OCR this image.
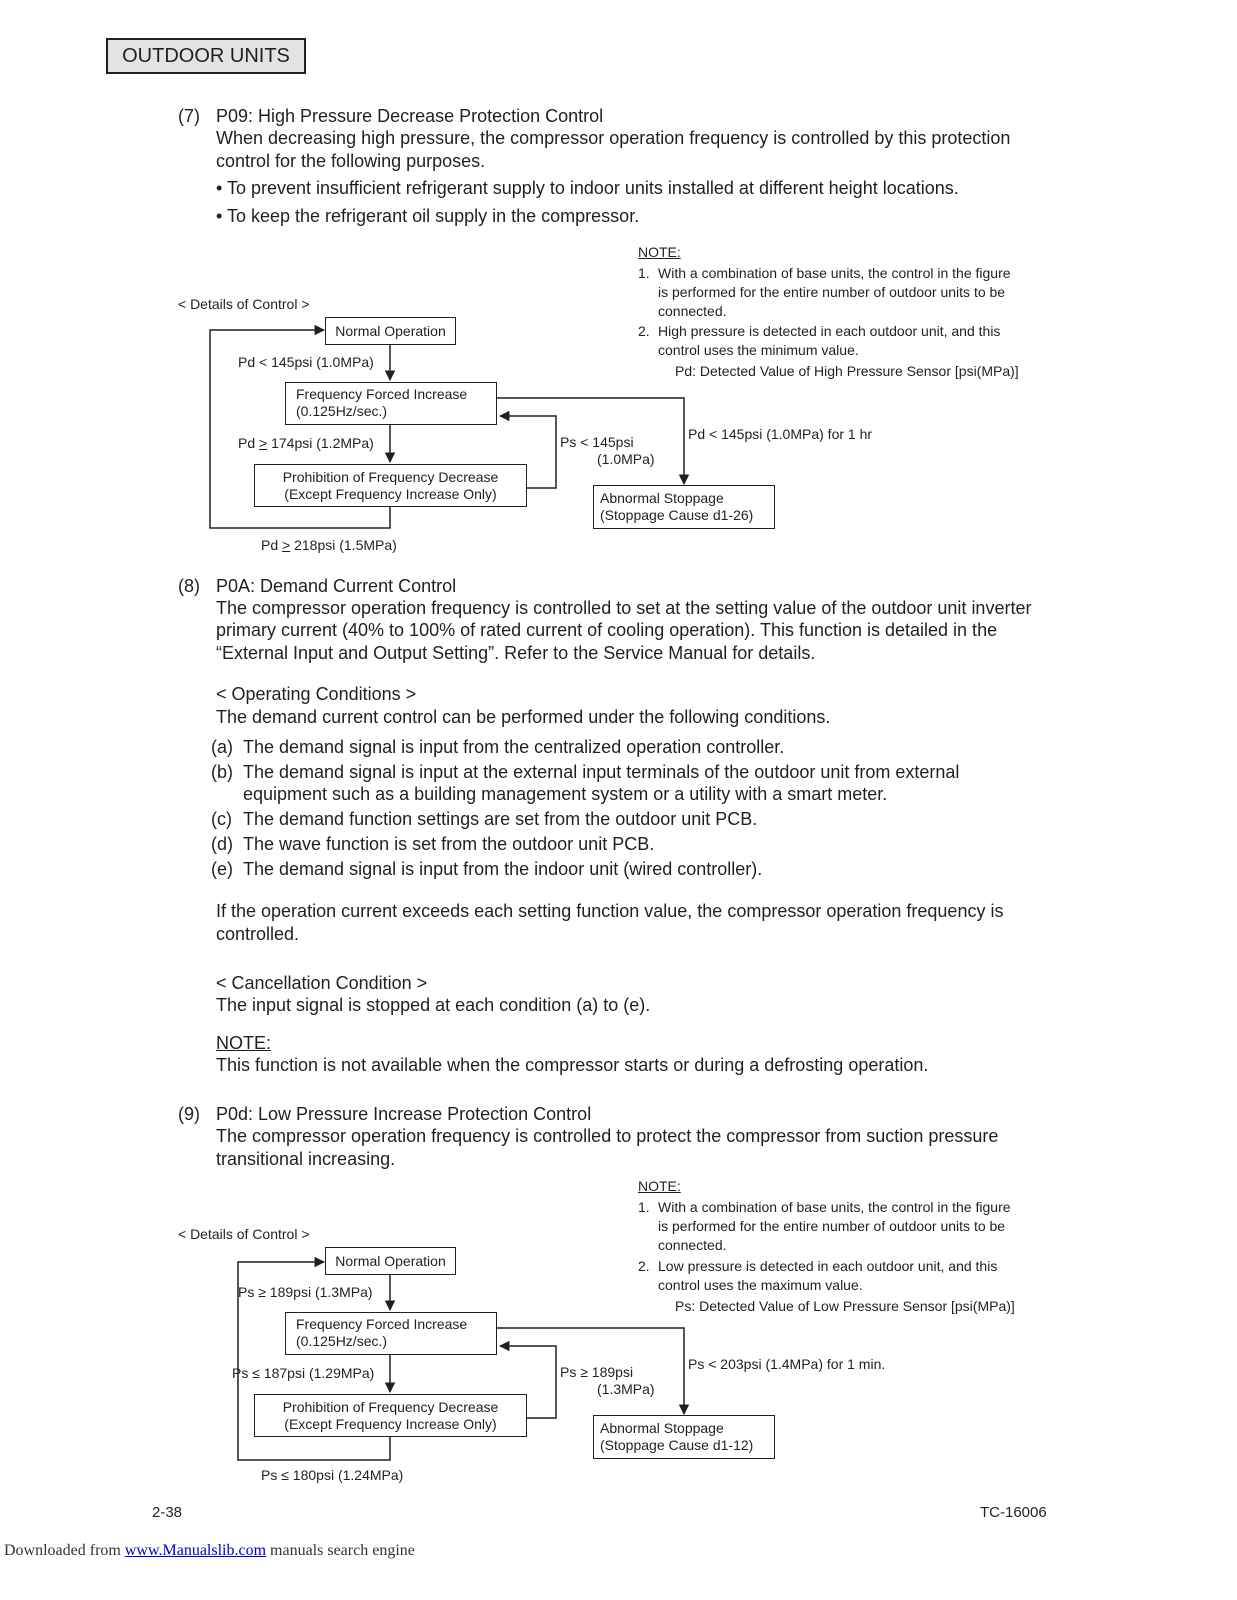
OUTDOOR UNITS
(7) P09: High Pressure Decrease Protection Control
When decreasing high pressure, the compressor operation frequency is controlled by this protection
control for the following purposes.
• To prevent insufficient refrigerant supply to indoor units installed at different height locations.
• To keep the refrigerant oil supply in the compressor.
NOTE:
1. With a combination of base units, the control in the figure
is performed for the entire number of outdoor units to be
connected.
2. High pressure is detected in each outdoor unit, and this
control uses the minimum value.
Pd: Detected Value of High Pressure Sensor [psi(MPa)]
< Details of Control >
Normal Operation
Frequency Forced Increase
(0.125Hz/sec.)
Prohibition of Frequency Decrease
(Except Frequency Increase Only)	Abnormal Stoppage
(Stoppage Cause d1-26)
Pd < 145psi (1.0MPa)
Pd > 174psi (1.2MPa)	Ps < 145psi
(1.0MPa)
Pd < 145psi (1.0MPa) for 1 hr
Pd > 218psi (1.5MPa)
(8) P0A: Demand Current Control
The compressor operation frequency is controlled to set at the setting value of the outdoor unit inverter
primary current (40% to 100% of rated current of cooling operation). This function is detailed in the
“External Input and Output Setting”. Refer to the Service Manual for details.
< Operating Conditions >
The demand current control can be performed under the following conditions.
(a) The demand signal is input from the centralized operation controller.
(b) The demand signal is input at the external input terminals of the outdoor unit from external
equipment such as a building management system or a utility with a smart meter.
(c) The demand function settings are set from the outdoor unit PCB.
(d) The wave function is set from the outdoor unit PCB.
(e) The demand signal is input from the indoor unit (wired controller).
If the operation current exceeds each setting function value, the compressor operation frequency is
controlled.
< Cancellation Condition >
The input signal is stopped at each condition (a) to (e).
NOTE:
This function is not available when the compressor starts or during a defrosting operation.
(9) P0d: Low Pressure Increase Protection Control
The compressor operation frequency is controlled to protect the compressor from suction pressure
transitional increasing.
NOTE:
1. With a combination of base units, the control in the figure
is performed for the entire number of outdoor units to be
connected.
2. Low pressure is detected in each outdoor unit, and this
control uses the maximum value.
Ps: Detected Value of Low Pressure Sensor [psi(MPa)]
< Details of Control >
Normal Operation
Frequency Forced Increase
(0.125Hz/sec.)
Prohibition of Frequency Decrease
(Except Frequency Increase Only)	Abnormal Stoppage
(Stoppage Cause d1-12)
Ps ≥ 189psi (1.3MPa)
Ps ≤ 187psi (1.29MPa)	Ps ≥ 189psi
(1.3MPa)
Ps < 203psi (1.4MPa) for 1 min.
Ps ≤ 180psi (1.24MPa)
2-38	TC-16006
Downloaded from www.Manualslib.com manuals search engine
